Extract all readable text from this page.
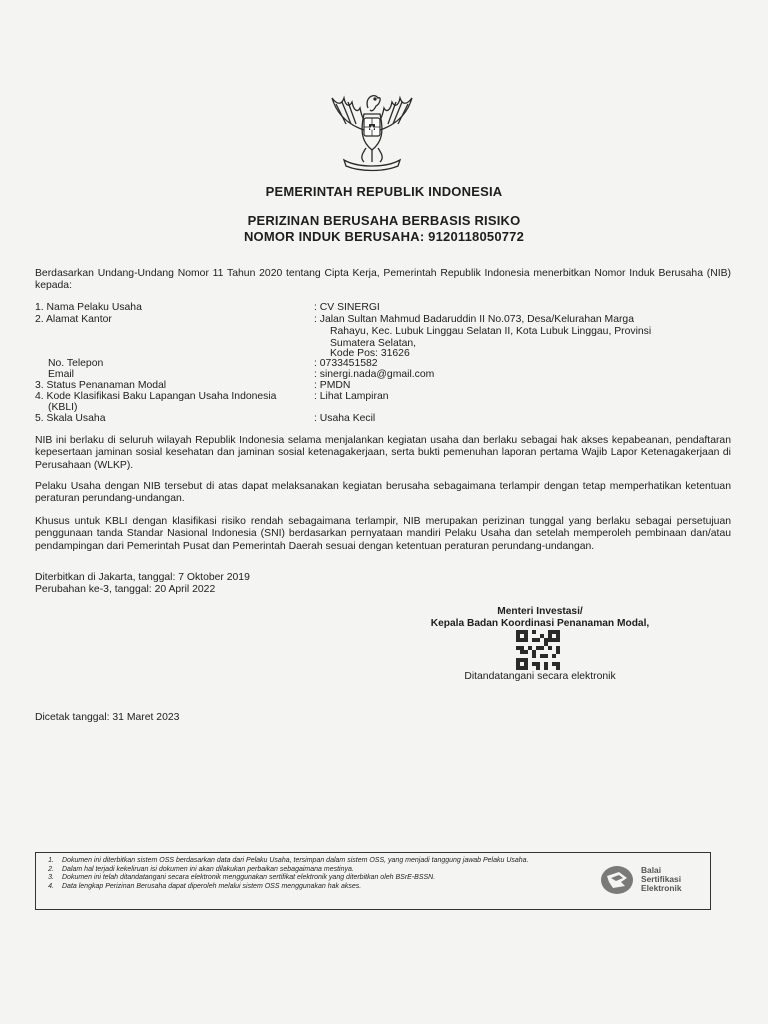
PEMERINTAH REPUBLIK INDONESIA
PERIZINAN BERUSAHA BERBASIS RISIKO
NOMOR INDUK BERUSAHA: 9120118050772

Berdasarkan Undang-Undang Nomor 11 Tahun 2020 tentang Cipta Kerja, Pemerintah Republik Indonesia menerbitkan Nomor Induk Berusaha (NIB) kepada:

1. Nama Pelaku Usaha	: CV SINERGI
2. Alamat Kantor	: Jalan Sultan Mahmud Badaruddin II No.073, Desa/Kelurahan Marga
Rahayu, Kec. Lubuk Linggau Selatan II, Kota Lubuk Linggau, Provinsi
Sumatera Selatan,
Kode Pos: 31626
No. Telepon	: 0733451582
Email	: sinergi.nada@gmail.com
3. Status Penanaman Modal	: PMDN
4. Kode Klasifikasi Baku Lapangan Usaha Indonesia	: Lihat Lampiran
(KBLI)
5. Skala Usaha	: Usaha Kecil

NIB ini berlaku di seluruh wilayah Republik Indonesia selama menjalankan kegiatan usaha dan berlaku sebagai hak akses kepabeanan, pendaftaran kepesertaan jaminan sosial kesehatan dan jaminan sosial ketenagakerjaan, serta bukti pemenuhan laporan pertama Wajib Lapor Ketenagakerjaan di Perusahaan (WLKP).

Pelaku Usaha dengan NIB tersebut di atas dapat melaksanakan kegiatan berusaha sebagaimana terlampir dengan tetap memperhatikan ketentuan peraturan perundang-undangan.

Khusus untuk KBLI dengan klasifikasi risiko rendah sebagaimana terlampir, NIB merupakan perizinan tunggal yang berlaku sebagai persetujuan penggunaan tanda Standar Nasional Indonesia (SNI) berdasarkan pernyataan mandiri Pelaku Usaha dan setelah memperoleh pembinaan dan/atau pendampingan dari Pemerintah Pusat dan Pemerintah Daerah sesuai dengan ketentuan peraturan perundang-undangan.

Diterbitkan di Jakarta, tanggal: 7 Oktober 2019
Perubahan ke-3, tanggal: 20 April 2022
Menteri Investasi/
Kepala Badan Koordinasi Penanaman Modal,
Ditandatangani secara elektronik
Dicetak tanggal: 31 Maret 2023
1. Dokumen ini diterbitkan sistem OSS berdasarkan data dari Pelaku Usaha, tersimpan dalam sistem OSS, yang menjadi tanggung jawab Pelaku Usaha.
2. Dalam hal terjadi kekeliruan isi dokumen ini akan dilakukan perbaikan sebagaimana mestinya.
3. Dokumen ini telah ditandatangani secara elektronik menggunakan sertifikat elektronik yang diterbitkan oleh BSrE-BSSN.
4. Data lengkap Perizinan Berusaha dapat diperoleh melalui sistem OSS menggunakan hak akses.
Balai
Sertifikasi
Elektronik
